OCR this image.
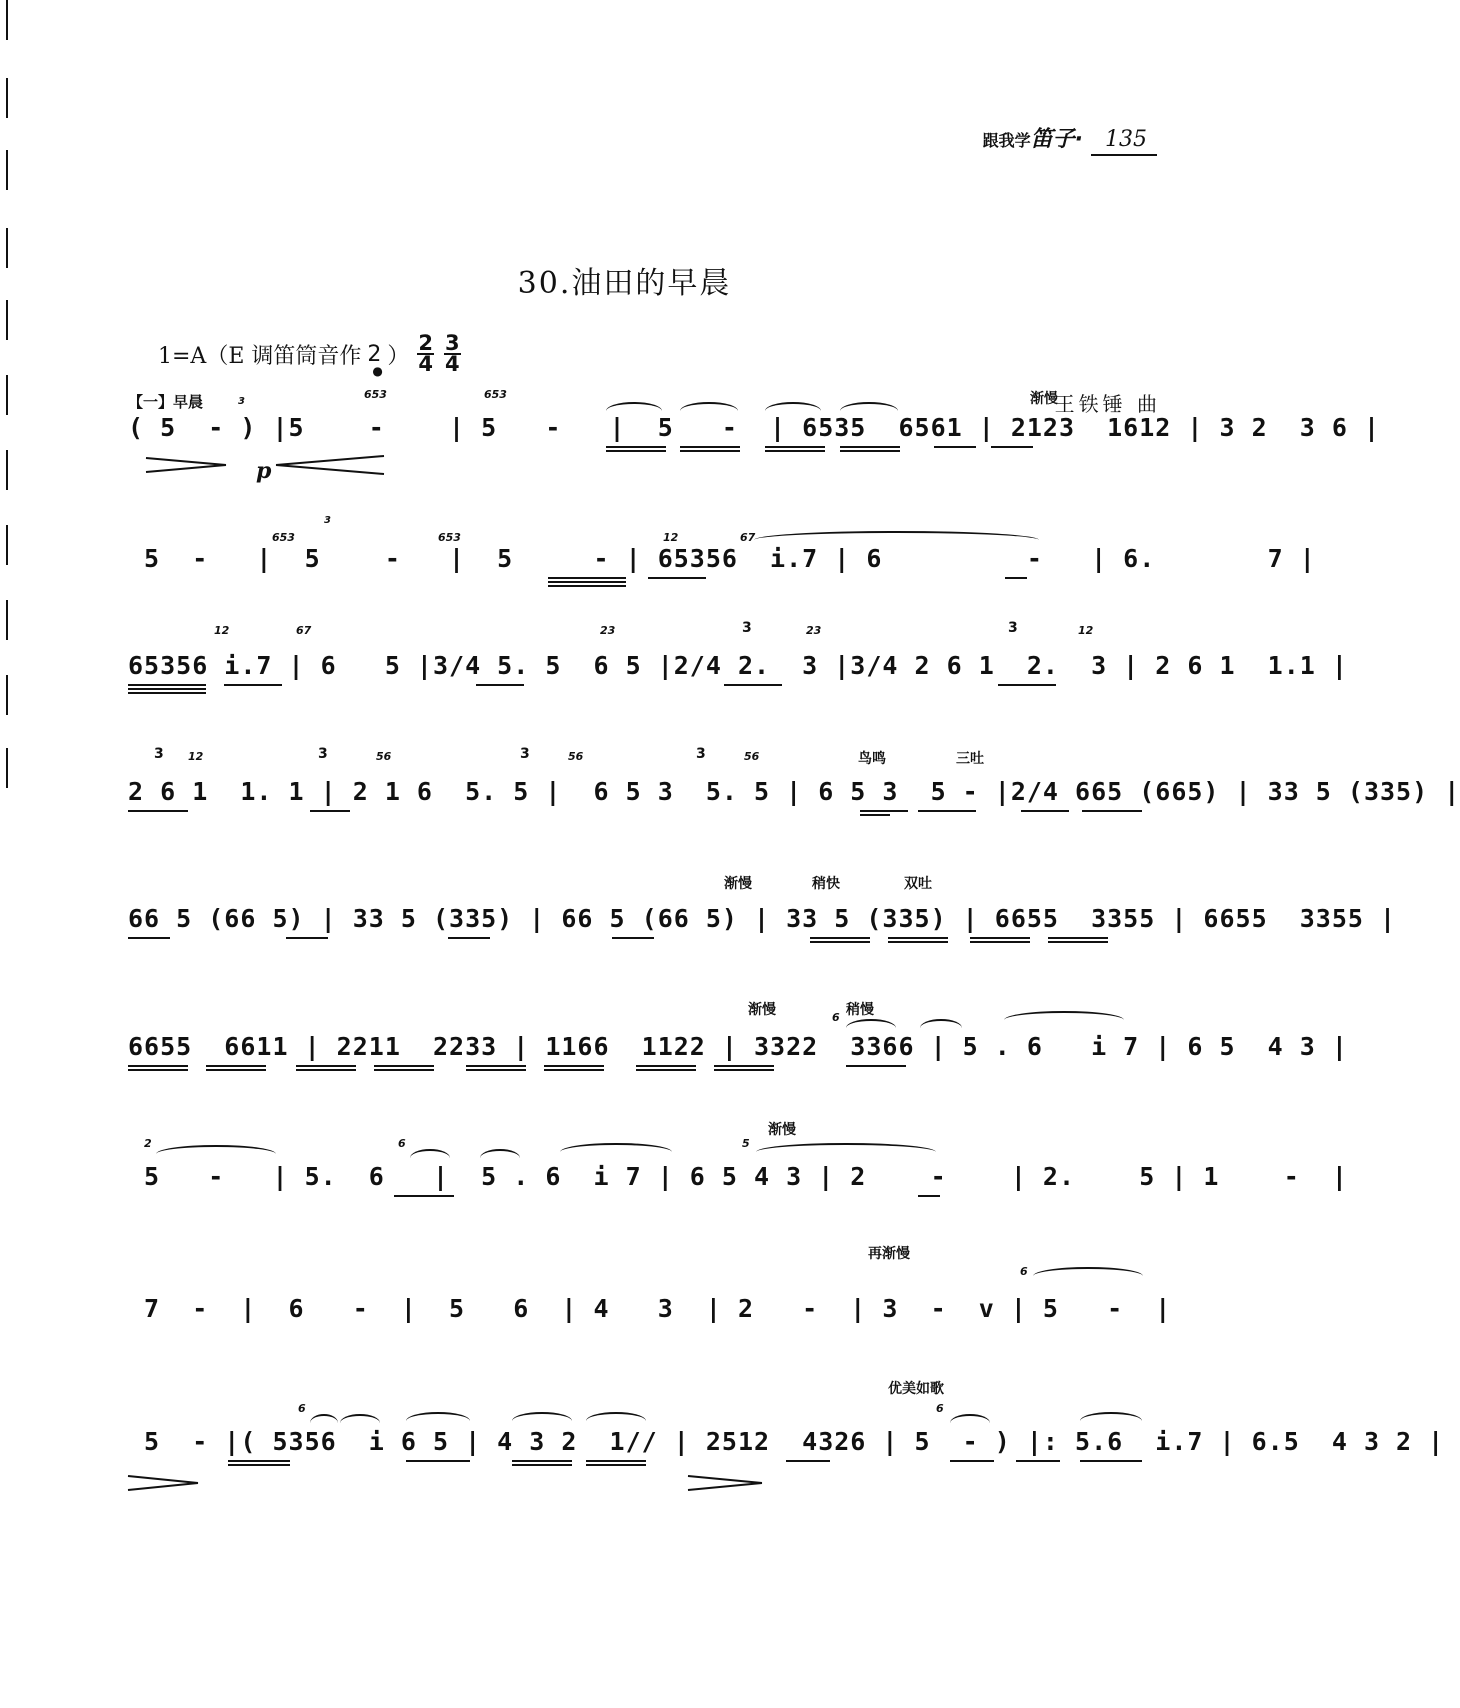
跟我学笛子·	135
30.油田的早晨
1=A（E 调笛筒音作 2
●
） $\frac{2}{4} \frac{3}{4}$
【一】早晨	王铁锤 曲
渐慢
3
653	653
( 5  - ) |5    -    | 5   -   |  5   -  | 6535  6561 | 2123  1612 | 3 2  3 6 |
p
3
653	653	12	67
5  -   |  5    -   |  5     - | 65356  i.7 | 6         -   | 6.       7 |
12	67	23	23	12
3	3
65356 i.7 | 6   5 |3/4 5. 5  6 5 |2/4 2.  3 |3/4 2 6 1  2.  3 | 2 6 1  1.1 |
鸟鸣	三吐
12	56	56	56
3	3	3	3
2 6 1  1. 1 | 2 1 6  5. 5 |  6 5 3  5. 5 | 6 5 3  5 - |2/4 665 (665) | 33 5 (335) |
渐慢	稍快	双吐
66 5 (66 5) | 33 5 (335) | 66 5 (66 5) | 33 5 (335) | 6655  3355 | 6655  3355 |
渐慢	稍慢
6
6655  6611 | 2211  2233 | 1166  1122 | 3322  3366 | 5 . 6   i 7 | 6 5  4 3 |
渐慢
2	6	5
5   -   | 5.  6   |  5 . 6  i 7 | 6 5 4 3 | 2    -    | 2.    5 | 1    -  |
再渐慢
6
7  -  |  6   -  |  5   6  | 4   3  | 2   -  | 3  -  v | 5   -  |
优美如歌
6	6
5  - |( 5356  i 6 5 | 4 3 2  1// | 2512  4326 | 5  - ) |: 5.6  i.7 | 6.5  4 3 2 |
